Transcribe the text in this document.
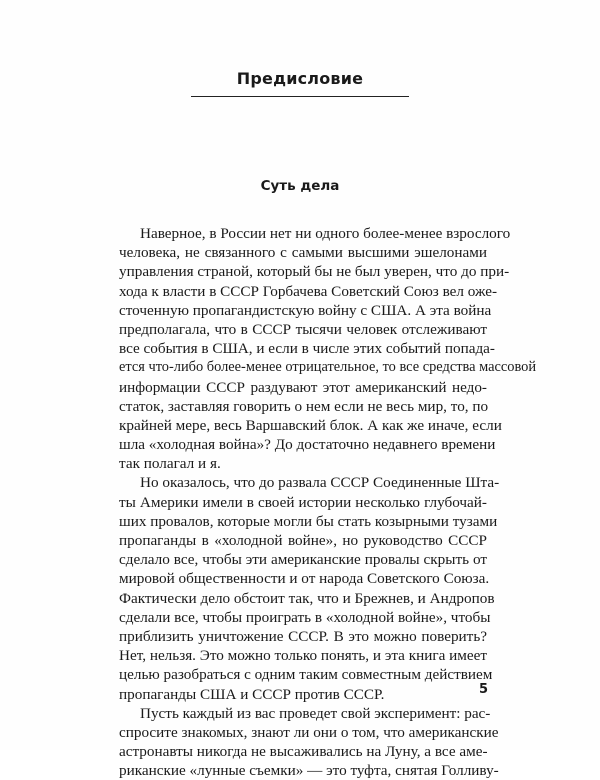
Предисловие
Суть дела
Наверное, в России нет ни одного более-менее взрослого
человека, не связанного с самыми высшими эшелонами
управления страной, который бы не был уверен, что до при-
хода к власти в СССР Горбачева Советский Союз вел оже-
сточенную пропагандистскую войну с США. А эта война
предполагала, что в СССР тысячи человек отслеживают
все события в США, и если в числе этих событий попада-
ется что-либо более-менее отрицательное, то все средства массовой
информации СССР раздувают этот американский недо-
статок, заставляя говорить о нем если не весь мир, то, по
крайней мере, весь Варшавский блок. А как же иначе, если
шла «холодная война»? До достаточно недавнего времени
так полагал и я.
Но оказалось, что до развала СССР Соединенные Шта-
ты Америки имели в своей истории несколько глубочай-
ших провалов, которые могли бы стать козырными тузами
пропаганды в «холодной войне», но руководство СССР
сделало все, чтобы эти американские провалы скрыть от
мировой общественности и от народа Советского Союза.
Фактически дело обстоит так, что и Брежнев, и Андропов
сделали все, чтобы проиграть в «холодной войне», чтобы
приблизить уничтожение СССР. В это можно поверить?
Нет, нельзя. Это можно только понять, и эта книга имеет
целью разобраться с одним таким совместным действием
пропаганды США и СССР против СССР.
Пусть каждый из вас проведет свой эксперимент: рас-
спросите знакомых, знают ли они о том, что американские
астронавты никогда не высаживались на Луну, а все аме-
риканские «лунные съемки» — это туфта, снятая Голливу-
5
